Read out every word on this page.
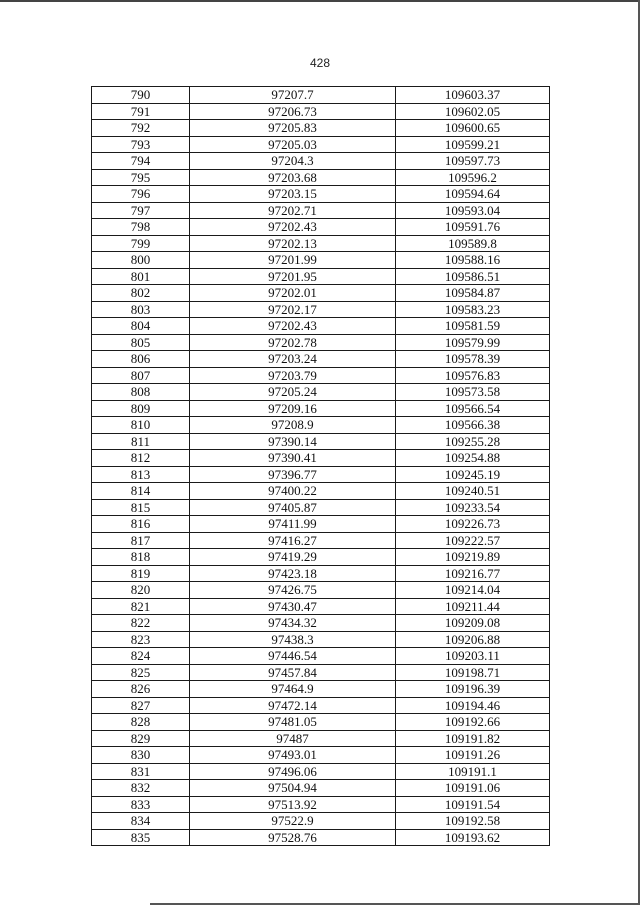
428
790	97207.7	109603.37
791	97206.73	109602.05
792	97205.83	109600.65
793	97205.03	109599.21
794	97204.3	109597.73
795	97203.68	109596.2
796	97203.15	109594.64
797	97202.71	109593.04
798	97202.43	109591.76
799	97202.13	109589.8
800	97201.99	109588.16
801	97201.95	109586.51
802	97202.01	109584.87
803	97202.17	109583.23
804	97202.43	109581.59
805	97202.78	109579.99
806	97203.24	109578.39
807	97203.79	109576.83
808	97205.24	109573.58
809	97209.16	109566.54
810	97208.9	109566.38
811	97390.14	109255.28
812	97390.41	109254.88
813	97396.77	109245.19
814	97400.22	109240.51
815	97405.87	109233.54
816	97411.99	109226.73
817	97416.27	109222.57
818	97419.29	109219.89
819	97423.18	109216.77
820	97426.75	109214.04
821	97430.47	109211.44
822	97434.32	109209.08
823	97438.3	109206.88
824	97446.54	109203.11
825	97457.84	109198.71
826	97464.9	109196.39
827	97472.14	109194.46
828	97481.05	109192.66
829	97487	109191.82
830	97493.01	109191.26
831	97496.06	109191.1
832	97504.94	109191.06
833	97513.92	109191.54
834	97522.9	109192.58
835	97528.76	109193.62
